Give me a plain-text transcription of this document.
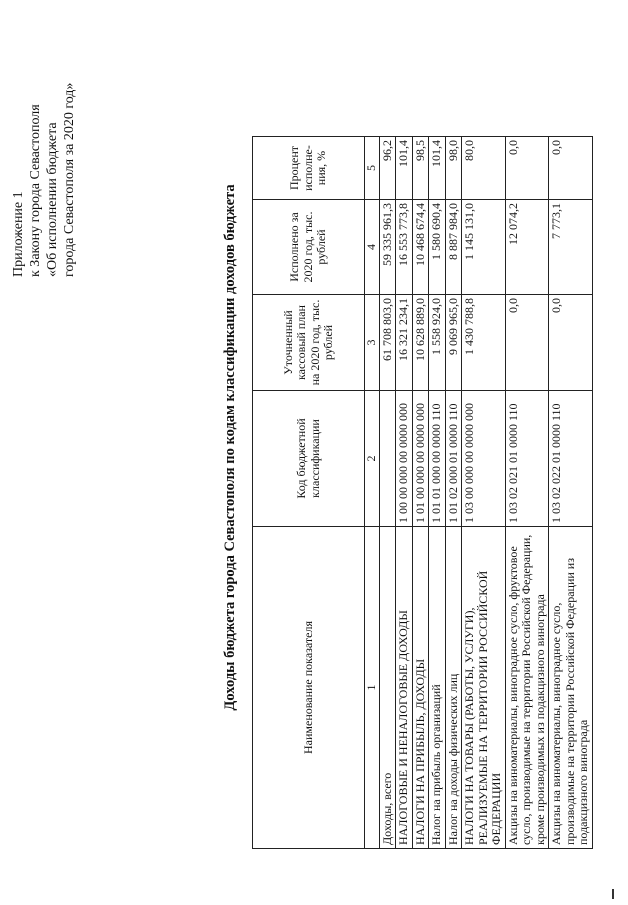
Приложение 1 к Закону города Севастополя «Об исполнении бюджета города Севастополя за 2020 год»
Доходы бюджета города Севастополя по кодам классификации доходов бюджета	Наименование показателя	Код бюджетной классификации	Уточненный кассовый план на 2020 год, тыс. рублей	Исполнено за 2020 год, тыс. рублей	Процент исполне-ния, %
1	2	3	4	5
Доходы, всего		61 708 803,0	59 335 961,3	96,2
НАЛОГОВЫЕ И НЕНАЛОГОВЫЕ ДОХОДЫ	1 00 00 000 00 0000 000	16 321 234,1	16 553 773,8	101,4
НАЛОГИ НА ПРИБЫЛЬ, ДОХОДЫ	1 01 00 000 00 0000 000	10 628 889,0	10 468 674,4	98,5
Налог на прибыль организаций	1 01 01 000 00 0000 110	1 558 924,0	1 580 690,4	101,4
Налог на доходы физических лиц	1 01 02 000 01 0000 110	9 069 965,0	8 887 984,0	98,0
НАЛОГИ НА ТОВАРЫ (РАБОТЫ, УСЛУГИ), РЕАЛИЗУЕМЫЕ НА ТЕРРИТОРИИ РОССИЙСКОЙ ФЕДЕРАЦИИ	1 03 00 000 00 0000 000	1 430 788,8	1 145 131,0	80,0
Акцизы на виноматериалы, виноградное сусло, фруктовое сусло, производимые на территории Российской Федерации, кроме производимых из подакцизного винограда	1 03 02 021 01 0000 110	0,0	12 074,2	0,0
Акцизы на виноматериалы, виноградное сусло, производимые на территории Российской Федерации из подакцизного винограда	1 03 02 022 01 0000 110	0,0	7 773,1	0,0
